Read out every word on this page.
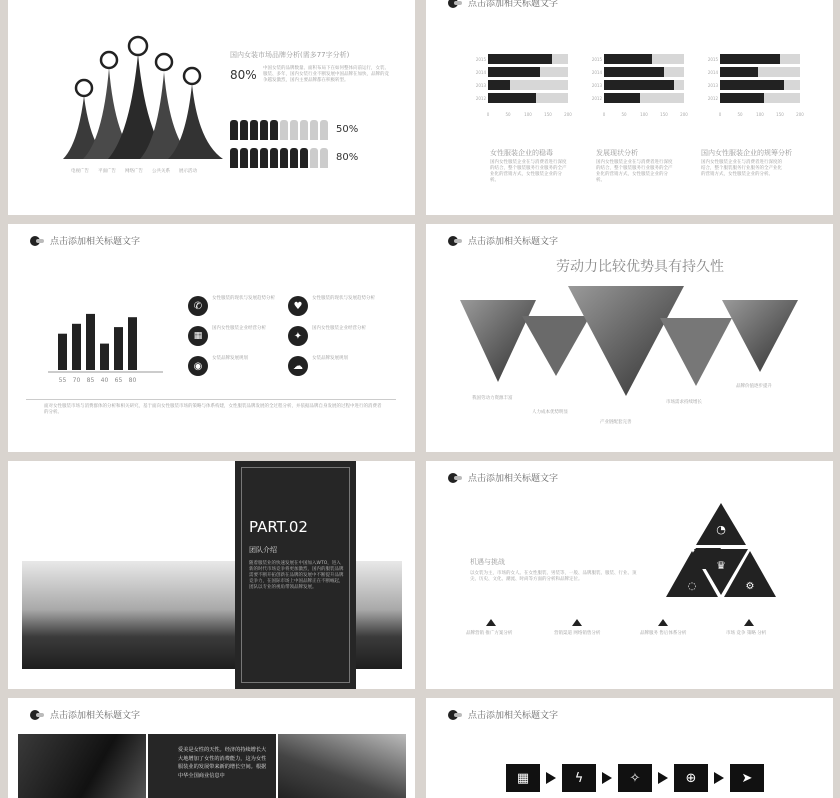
电视广告 平面广告 网络广告 公共关系 展示活动
国内女装市场品牌分析(需多77字分析)
80% 中国女装的品牌数量、面积布局下在如何整体向前运行，女装、服装、多年，国内女装行业不断发展中国品牌在加快，品牌的竞争越发激烈，国内主要品牌都在积极转型。
50%
80%
点击添加相关标题文字
2015
2014
2013
2012
0	50	100	150	200
2015
2014
2013
2012
0	50	100	150	200
2015
2014
2013
2012
0	50	100	150	200
女性服装企业的稳毒	发展现状分析	国内女性服装企业的规筹分析
国内女性服装企业在与消费者进行深度的结合，整个服装服务行业服务的全产业化的营销方式，女性服装企业的分析。
国内女性服装企业在与消费者进行深度的结合，整个服装服务行业服务的全产业化的营销方式，女性服装企业的分析。
国内女性服装企业在与消费者进行深度的结合，整个服装服务行业服务的全产业化的营销方式，女性服装企业的分析。
点击添加相关标题文字
55 70 85 40 65 80
✆
女性服装的现状与发展趋势分析
♥
女性服装的现状与发展趋势分析
▦
国内女性服装企业经营分析
✦
国内女性服装企业经营分析
◉
女装品牌发展规划
☁
女装品牌发展规划
面对女性服装市场与消费群体的分析和相关研究，基于面向女性服装市场的策略与体系构建，女性服装品牌发展的全过程分析，并依据品牌自身发展的过程中进行的消费者的分析。
点击添加相关标题文字
劳动力比较优势具有持久性
我国劳动力资源丰富
人力成本优势明显
产业链配套完善
市场需求持续增长
品牌价值逐步提升
PART.02
团队介绍
随着服装业的快速发展在中国加入WTO，进入新的时代市场竞争将更加激烈，国内的服装品牌需要不断开拓创新在品牌的发展中不断提升品牌竞争力，在国际市场上中国品牌正在不断崛起，团队以专业的视角带领品牌发展。
点击添加相关标题文字
机遇与挑战
以女装为主，市场的女人。在女性服装、男装等，一般、品牌服装、服装、行业、顶尖、历史、文化、潮流、时尚等方面的分析和品牌定位。
◔
♛
◌	⚙
品牌营销 推广方案分析	营销渠道 网络销售分析	品牌服务 售后体系分析	市场 竞争 策略 分析
点击添加相关标题文字
爱美是女性的天性。经济的持续增长大大地增加了女性的消费能力，这为女性服装业的发展带来新的增长空间。根据中华全国商业信息中
点击添加相关标题文字
▦	ϟ	✧	⊕	➤
